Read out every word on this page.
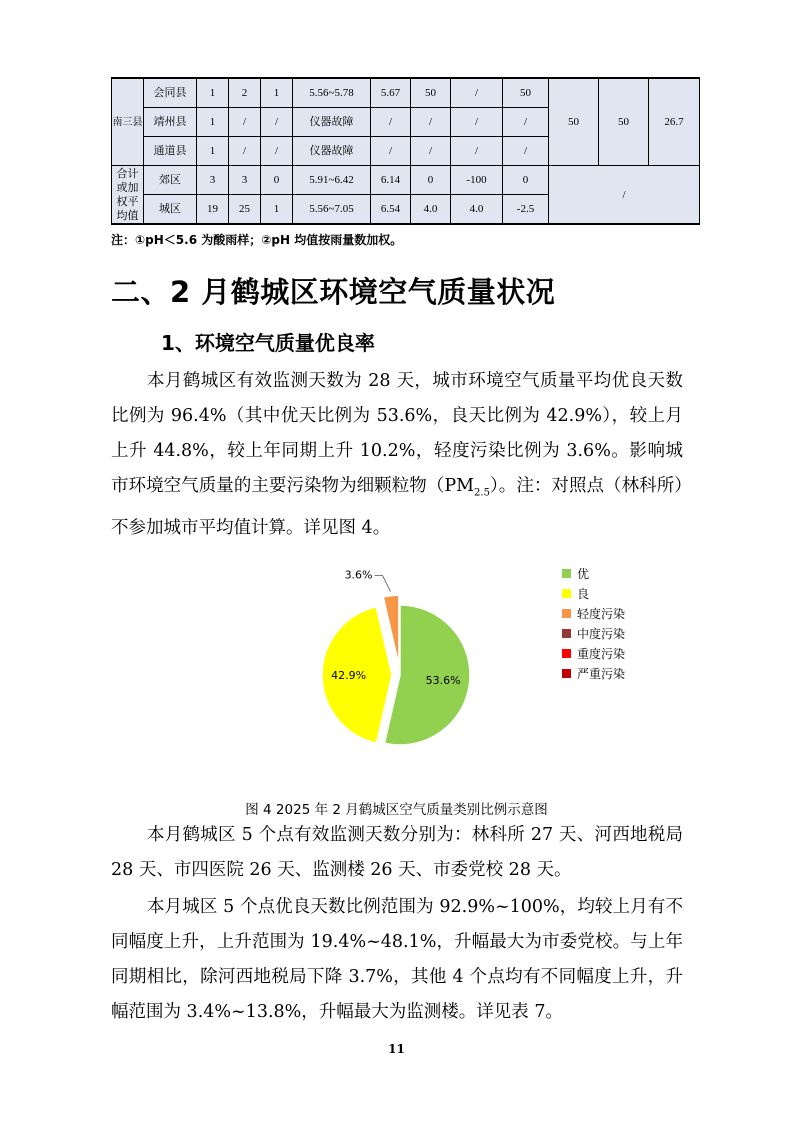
南三县	会同县	1	2	1	5.56~5.78	5.67	50	/	50	50	50	26.7
	靖州县	1	/	/	仪器故障	/	/	/	/			
	通道县	1	/	/	仪器故障	/	/	/	/			
合计或加权平均值	郊区	3	3	0	5.91~6.42	6.14	0	-100	0	/		
	城区	19	25	1	5.56~7.05	6.54	4.0	4.0	-2.5			
注：①pH＜5.6 为酸雨样；②pH 均值按雨量数加权。
二、2 月鹤城区环境空气质量状况
1、环境空气质量优良率

本月鹤城区有效监测天数为 28 天，城市环境空气质量平均优良天数比例为 96.4%（其中优天比例为 53.6%，良天比例为 42.9%），较上月上升 44.8%，较上年同期上升 10.2%，轻度污染比例为 3.6%。影响城市环境空气质量的主要污染物为细颗粒物$(PM_{2.5})$。注：对照点（林科所）不参加城市平均值计算。详见图 4。

53.6%
42.9%
3.6%	优
良
轻度污染
中度污染
重度污染
严重污染
图 4 2025 年 2 月鹤城区空气质量类别比例示意图

本月鹤城区 5 个点有效监测天数分别为：林科所 27 天、河西地税局 28 天、市四医院 26 天、监测楼 26 天、市委党校 28 天。

本月城区 5 个点优良天数比例范围为 92.9%~100%，均较上月有不同幅度上升，上升范围为 19.4%~48.1%，升幅最大为市委党校。与上年同期相比，除河西地税局下降 3.7%，其他 4 个点均有不同幅度上升，升幅范围为 3.4%~13.8%，升幅最大为监测楼。详见表 7。

11
